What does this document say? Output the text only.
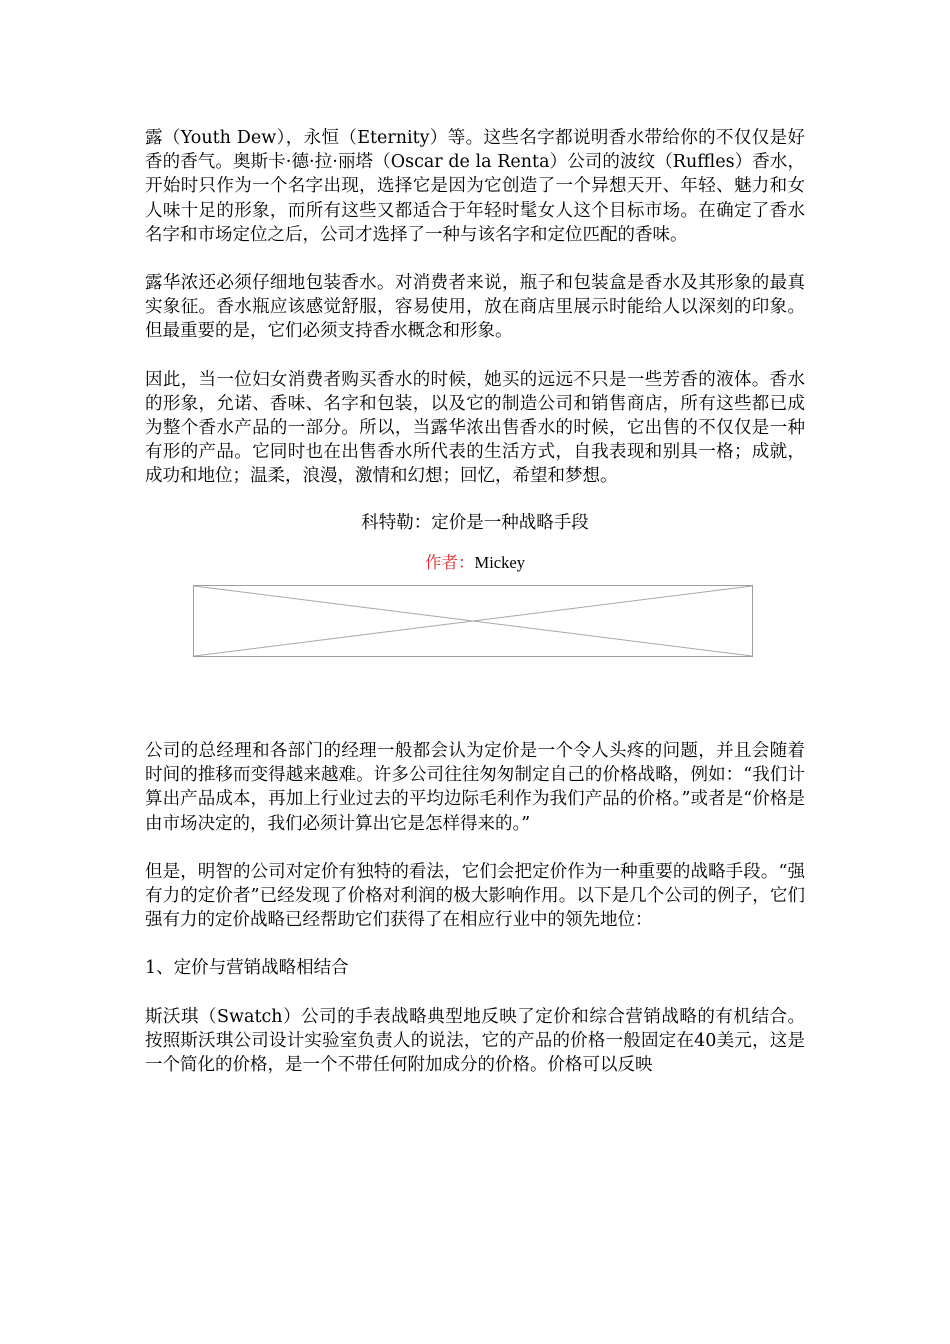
露（Youth Dew），永恒（Eternity）等。这些名字都说明香水带给你的不仅仅是好香的香气。奥斯卡·德·拉·丽塔（Oscar de la Renta）公司的波纹（Ruffles）香水，开始时只作为一个名字出现，选择它是因为它创造了一个异想天开、年轻、魅力和女人味十足的形象，而所有这些又都适合于年轻时髦女人这个目标市场。在确定了香水名字和市场定位之后，公司才选择了一种与该名字和定位匹配的香味。

露华浓还必须仔细地包装香水。对消费者来说，瓶子和包装盒是香水及其形象的最真实象征。香水瓶应该感觉舒服，容易使用，放在商店里展示时能给人以深刻的印象。但最重要的是，它们必须支持香水概念和形象。

因此，当一位妇女消费者购买香水的时候，她买的远远不只是一些芳香的液体。香水的形象，允诺、香味、名字和包装，以及它的制造公司和销售商店，所有这些都已成为整个香水产品的一部分。所以，当露华浓出售香水的时候，它出售的不仅仅是一种有形的产品。它同时也在出售香水所代表的生活方式，自我表现和别具一格；成就，成功和地位；温柔，浪漫，激情和幻想；回忆，希望和梦想。

科特勒：定价是一种战略手段
作者：Mickey

公司的总经理和各部门的经理一般都会认为定价是一个令人头疼的问题，并且会随着时间的推移而变得越来越难。许多公司往往匆匆制定自己的价格战略，例如：“我们计算出产品成本，再加上行业过去的平均边际毛利作为我们产品的价格。”或者是“价格是由市场决定的，我们必须计算出它是怎样得来的。”

但是，明智的公司对定价有独特的看法，它们会把定价作为一种重要的战略手段。“强有力的定价者”已经发现了价格对利润的极大影响作用。以下是几个公司的例子，它们强有力的定价战略已经帮助它们获得了在相应行业中的领先地位：

1、定价与营销战略相结合

斯沃琪（Swatch）公司的手表战略典型地反映了定价和综合营销战略的有机结合。按照斯沃琪公司设计实验室负责人的说法，它的产品的价格一般固定在40美元，这是一个简化的价格，是一个不带任何附加成分的价格。价格可以反映
